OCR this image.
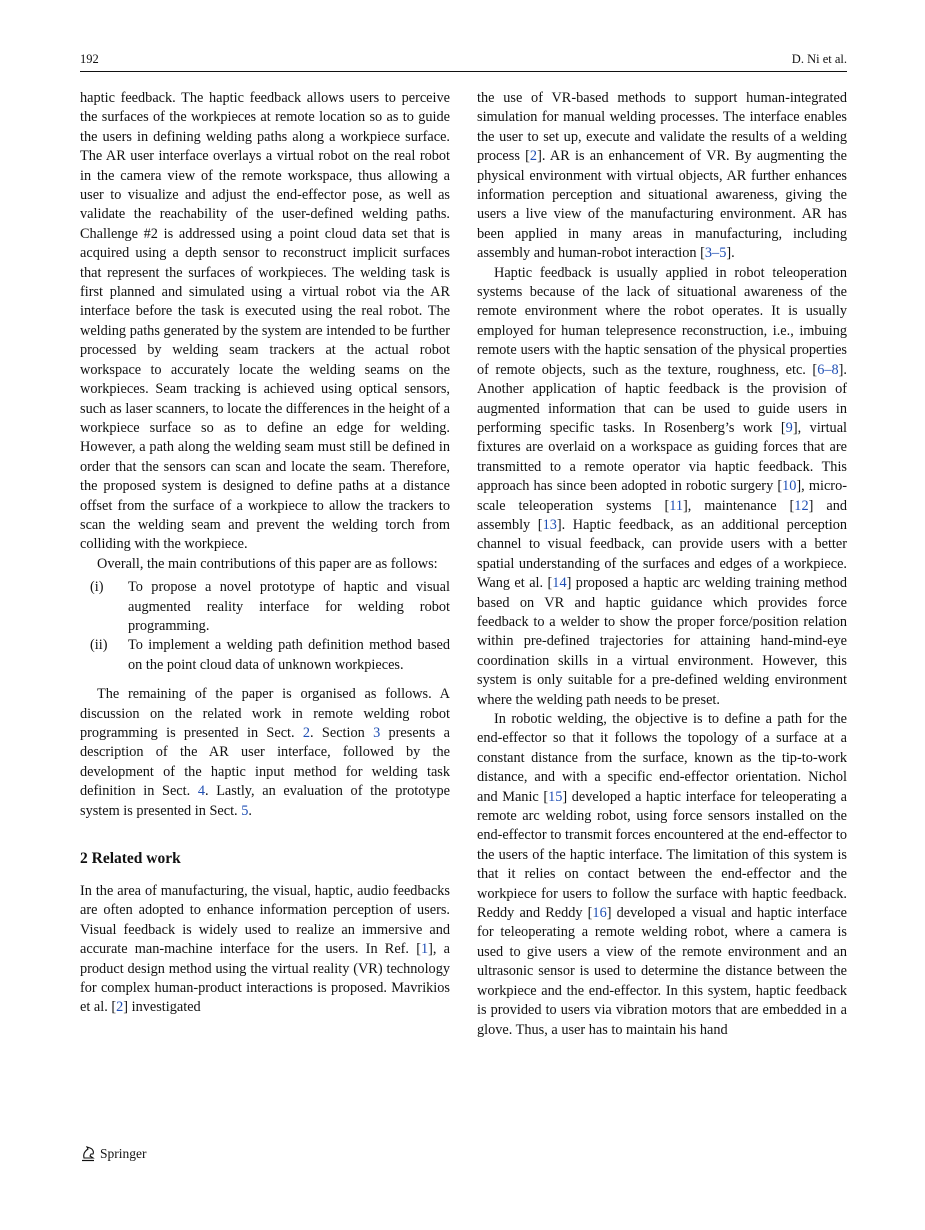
192	D. Ni et al.

haptic feedback. The haptic feedback allows users to perceive the surfaces of the workpieces at remote location so as to guide the users in defining welding paths along a workpiece surface. The AR user interface overlays a virtual robot on the real robot in the camera view of the remote workspace, thus allowing a user to visualize and adjust the end-effector pose, as well as validate the reachability of the user-defined welding paths. Challenge #2 is addressed using a point cloud data set that is acquired using a depth sensor to reconstruct implicit surfaces that represent the surfaces of workpieces. The welding task is first planned and simulated using a virtual robot via the AR interface before the task is executed using the real robot. The welding paths generated by the system are intended to be further processed by welding seam trackers at the actual robot workspace to accurately locate the welding seams on the workpieces. Seam tracking is achieved using optical sensors, such as laser scanners, to locate the differences in the height of a workpiece surface so as to define an edge for welding. However, a path along the welding seam must still be defined in order that the sensors can scan and locate the seam. Therefore, the proposed system is designed to define paths at a distance offset from the surface of a workpiece to allow the trackers to scan the welding seam and prevent the welding torch from colliding with the workpiece.

Overall, the main contributions of this paper are as follows:

(i)	To propose a novel prototype of haptic and visual augmented reality interface for welding robot programming.
(ii)	To implement a welding path definition method based on the point cloud data of unknown workpieces.

The remaining of the paper is organised as follows. A discussion on the related work in remote welding robot programming is presented in Sect. 2. Section 3 presents a description of the AR user interface, followed by the development of the haptic input method for welding task definition in Sect. 4. Lastly, an evaluation of the prototype system is presented in Sect. 5.

2 Related work

In the area of manufacturing, the visual, haptic, audio feedbacks are often adopted to enhance information perception of users. Visual feedback is widely used to realize an immersive and accurate man-machine interface for the users. In Ref. [1], a product design method using the virtual reality (VR) technology for complex human-product interactions is proposed. Mavrikios et al. [2] investigated

the use of VR-based methods to support human-integrated simulation for manual welding processes. The interface enables the user to set up, execute and validate the results of a welding process [2]. AR is an enhancement of VR. By augmenting the physical environment with virtual objects, AR further enhances information perception and situational awareness, giving the users a live view of the manufacturing environment. AR has been applied in many areas in manufacturing, including assembly and human-robot interaction [3–5].

Haptic feedback is usually applied in robot teleoperation systems because of the lack of situational awareness of the remote environment where the robot operates. It is usually employed for human telepresence reconstruction, i.e., imbuing remote users with the haptic sensation of the physical properties of remote objects, such as the texture, roughness, etc. [6–8]. Another application of haptic feedback is the provision of augmented information that can be used to guide users in performing specific tasks. In Rosenberg’s work [9], virtual fixtures are overlaid on a workspace as guiding forces that are transmitted to a remote operator via haptic feedback. This approach has since been adopted in robotic surgery [10], micro-scale teleoperation systems [11], maintenance [12] and assembly [13]. Haptic feedback, as an additional perception channel to visual feedback, can provide users with a better spatial understanding of the surfaces and edges of a workpiece. Wang et al. [14] proposed a haptic arc welding training method based on VR and haptic guidance which provides force feedback to a welder to show the proper force/position relation within pre-defined trajectories for attaining hand-mind-eye coordination skills in a virtual environment. However, this system is only suitable for a pre-defined welding environment where the welding path needs to be preset.

In robotic welding, the objective is to define a path for the end-effector so that it follows the topology of a surface at a constant distance from the surface, known as the tip-to-work distance, and with a specific end-effector orientation. Nichol and Manic [15] developed a haptic interface for teleoperating a remote arc welding robot, using force sensors installed on the end-effector to transmit forces encountered at the end-effector to the users of the haptic interface. The limitation of this system is that it relies on contact between the end-effector and the workpiece for users to follow the surface with haptic feedback. Reddy and Reddy [16] developed a visual and haptic interface for teleoperating a remote welding robot, where a camera is used to give users a view of the remote environment and an ultrasonic sensor is used to determine the distance between the workpiece and the end-effector. In this system, haptic feedback is provided to users via vibration motors that are embedded in a glove. Thus, a user has to maintain his hand

Springer
